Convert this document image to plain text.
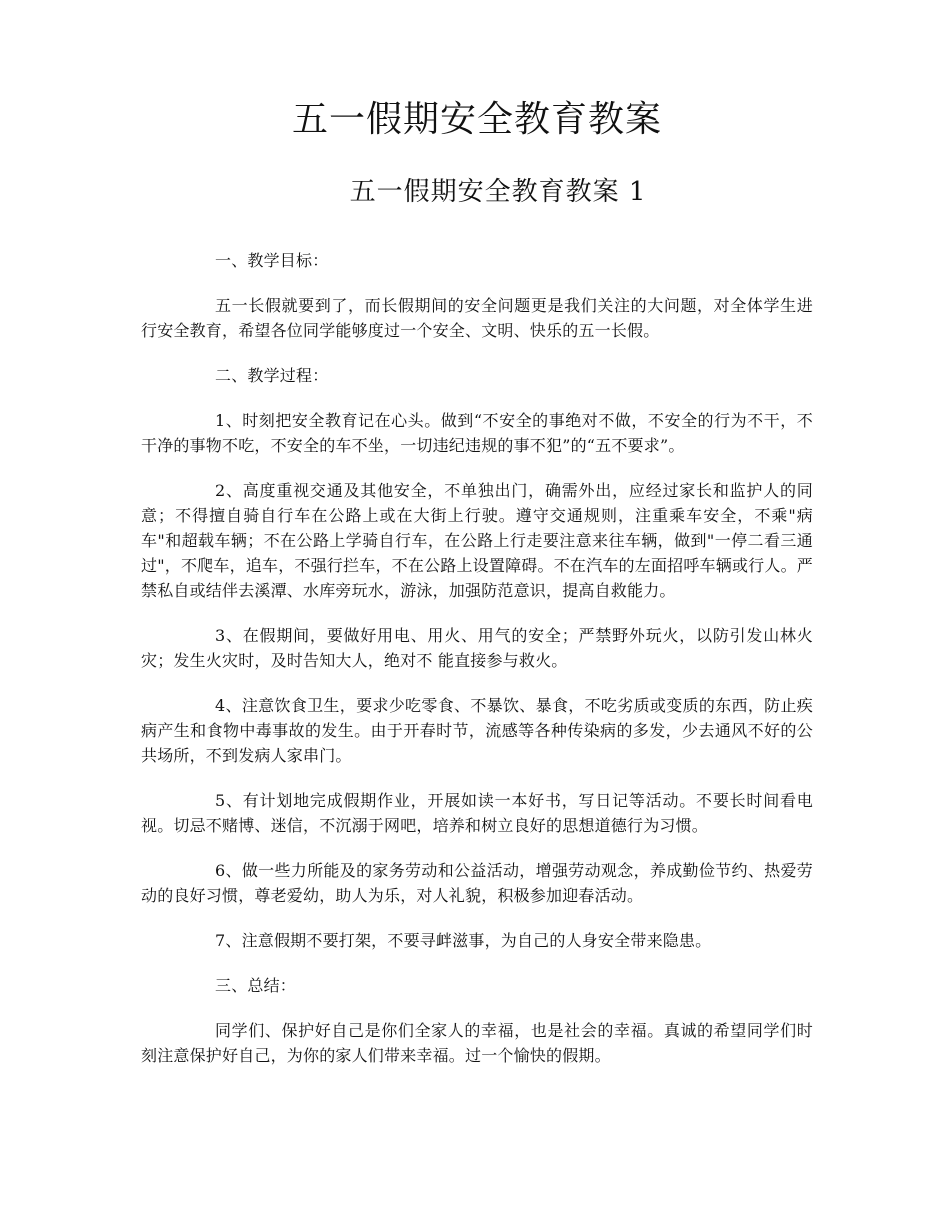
五一假期安全教育教案
五一假期安全教育教案 1

一、教学目标：

五一长假就要到了，而长假期间的安全问题更是我们关注的大问题，对全体学生进行安全教育，希望各位同学能够度过一个安全、文明、快乐的五一长假。

二、教学过程：

1、时刻把安全教育记在心头。做到“不安全的事绝对不做，不安全的行为不干，不干净的事物不吃，不安全的车不坐，一切违纪违规的事不犯”的“五不要求”。

2、高度重视交通及其他安全，不单独出门，确需外出，应经过家长和监护人的同意；不得擅自骑自行车在公路上或在大街上行驶。遵守交通规则，注重乘车安全，不乘"病车"和超载车辆；不在公路上学骑自行车，在公路上行走要注意来往车辆，做到"一停二看三通过"，不爬车，追车，不强行拦车，不在公路上设置障碍。不在汽车的左面招呼车辆或行人。严禁私自或结伴去溪潭、水库旁玩水，游泳，加强防范意识，提高自救能力。

3、在假期间，要做好用电、用火、用气的安全；严禁野外玩火，以防引发山林火灾；发生火灾时，及时告知大人，绝对不 能直接参与救火。

4、注意饮食卫生，要求少吃零食、不暴饮、暴食，不吃劣质或变质的东西，防止疾病产生和食物中毒事故的发生。由于开春时节，流感等各种传染病的多发，少去通风不好的公共场所，不到发病人家串门。

5、有计划地完成假期作业，开展如读一本好书，写日记等活动。不要长时间看电视。切忌不赌博、迷信，不沉溺于网吧，培养和树立良好的思想道德行为习惯。

6、做一些力所能及的家务劳动和公益活动，增强劳动观念，养成勤俭节约、热爱劳动的良好习惯，尊老爱幼，助人为乐，对人礼貌，积极参加迎春活动。

7、注意假期不要打架，不要寻衅滋事，为自己的人身安全带来隐患。

三、总结：

同学们、保护好自己是你们全家人的幸福，也是社会的幸福。真诚的希望同学们时刻注意保护好自己，为你的家人们带来幸福。过一个愉快的假期。
